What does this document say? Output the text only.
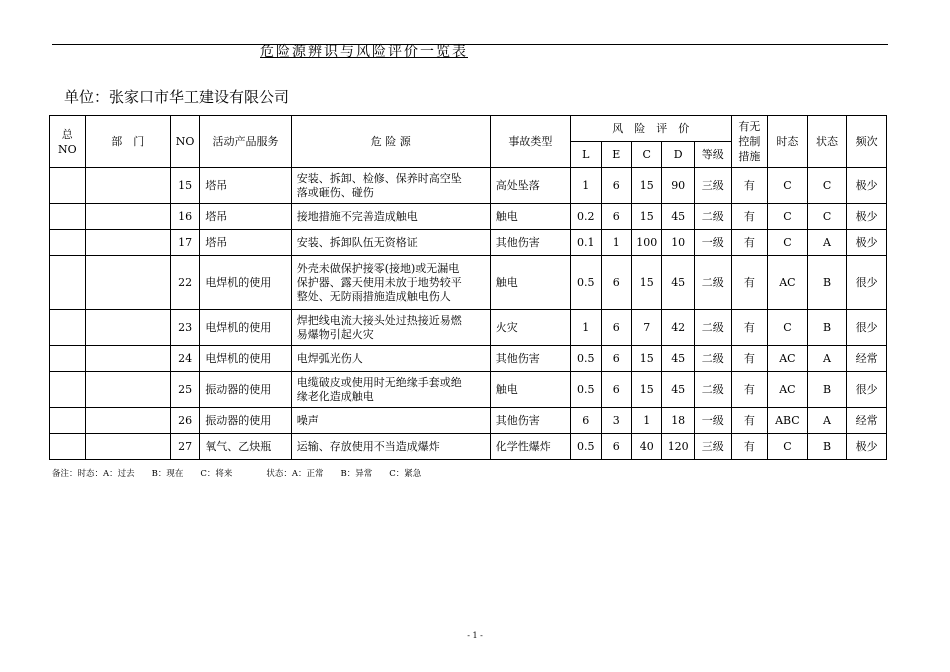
危险源辨识与风险评价一览表
单位：张家口市华工建设有限公司
总
NO	部　门	NO	活动产品服务	危 险 源	事故类型	风　险　评　价					有无
控制
措施	时态	状态	频次
						L	E	C	D	等级				
		15	塔吊	安装、拆卸、检修、保养时高空坠
落或砸伤、碰伤	高处坠落	1	6	15	90	三级	有	C	C	极少
		16	塔吊	接地措施不完善造成触电	触电	0.2	6	15	45	二级	有	C	C	极少
		17	塔吊	安装、拆卸队伍无资格证	其他伤害	0.1	1	100	10	一级	有	C	A	极少
		22	电焊机的使用	外壳未做保护接零(接地)或无漏电
保护器、露天使用未放于地势较平
整处、无防雨措施造成触电伤人	触电	0.5	6	15	45	二级	有	AC	B	很少
		23	电焊机的使用	焊把线电流大接头处过热接近易燃
易爆物引起火灾	火灾	1	6	7	42	二级	有	C	B	很少
		24	电焊机的使用	电焊弧光伤人	其他伤害	0.5	6	15	45	二级	有	AC	A	经常
		25	振动器的使用	电缆破皮或使用时无绝缘手套或绝
缘老化造成触电	触电	0.5	6	15	45	二级	有	AC	B	很少
		26	振动器的使用	噪声	其他伤害	6	3	1	18	一级	有	ABC	A	经常
		27	氧气、乙炔瓶	运输、存放使用不当造成爆炸	化学性爆炸	0.5	6	40	120	三级	有	C	B	极少
备注：时态：A：过去　　B：现在　　C：将来　　　　状态：A：正常　　B：异常　　C：紧急
- 1 -
